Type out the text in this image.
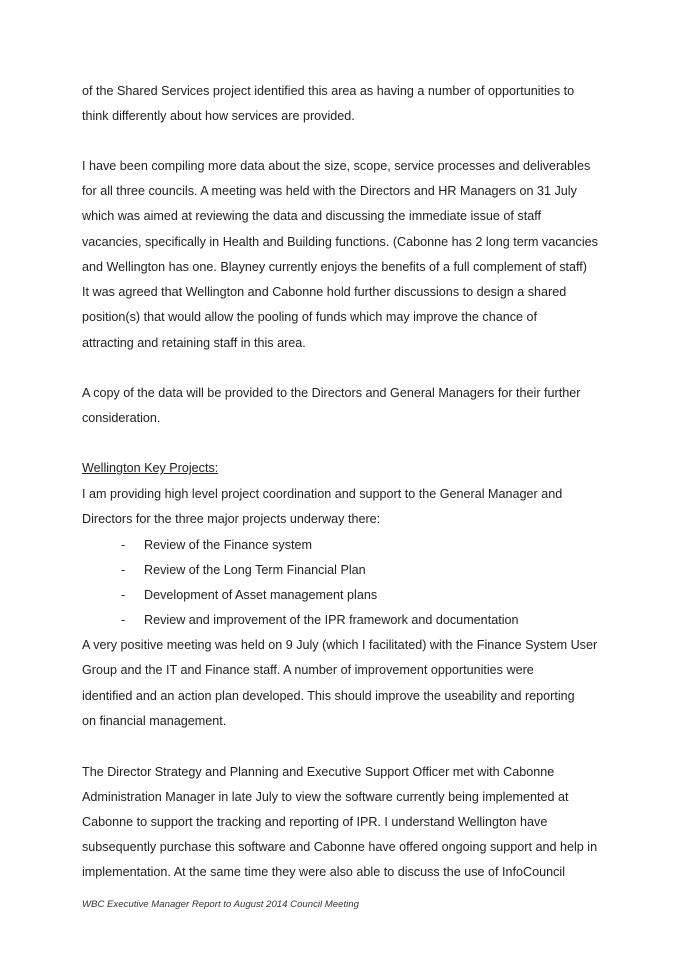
of the Shared Services project identified this area as having a number of opportunities to
think differently about how services are provided.
I have been compiling more data about the size, scope, service processes and deliverables
for all three councils. A meeting was held with the Directors and HR Managers on 31 July
which was aimed at reviewing the data and discussing the immediate issue of staff
vacancies, specifically in Health and Building functions. (Cabonne has 2 long term vacancies
and Wellington has one. Blayney currently enjoys the benefits of a full complement of staff)
It was agreed that Wellington and Cabonne hold further discussions to design a shared
position(s) that would allow the pooling of funds which may improve the chance of
attracting and retaining staff in this area.
A copy of the data will be provided to the Directors and General Managers for their further
consideration.
Wellington Key Projects:
I am providing high level project coordination and support to the General Manager and
Directors for the three major projects underway there:
- Review of the Finance system
- Review of the Long Term Financial Plan
- Development of Asset management plans
- Review and improvement of the IPR framework and documentation
A very positive meeting was held on 9 July (which I facilitated) with the Finance System User
Group and the IT and Finance staff. A number of improvement opportunities were
identified and an action plan developed. This should improve the useability and reporting
on financial management.
The Director Strategy and Planning and Executive Support Officer met with Cabonne
Administration Manager in late July to view the software currently being implemented at
Cabonne to support the tracking and reporting of IPR. I understand Wellington have
subsequently purchase this software and Cabonne have offered ongoing support and help in
implementation. At the same time they were also able to discuss the use of InfoCouncil
WBC Executive Manager Report to August 2014 Council Meeting
